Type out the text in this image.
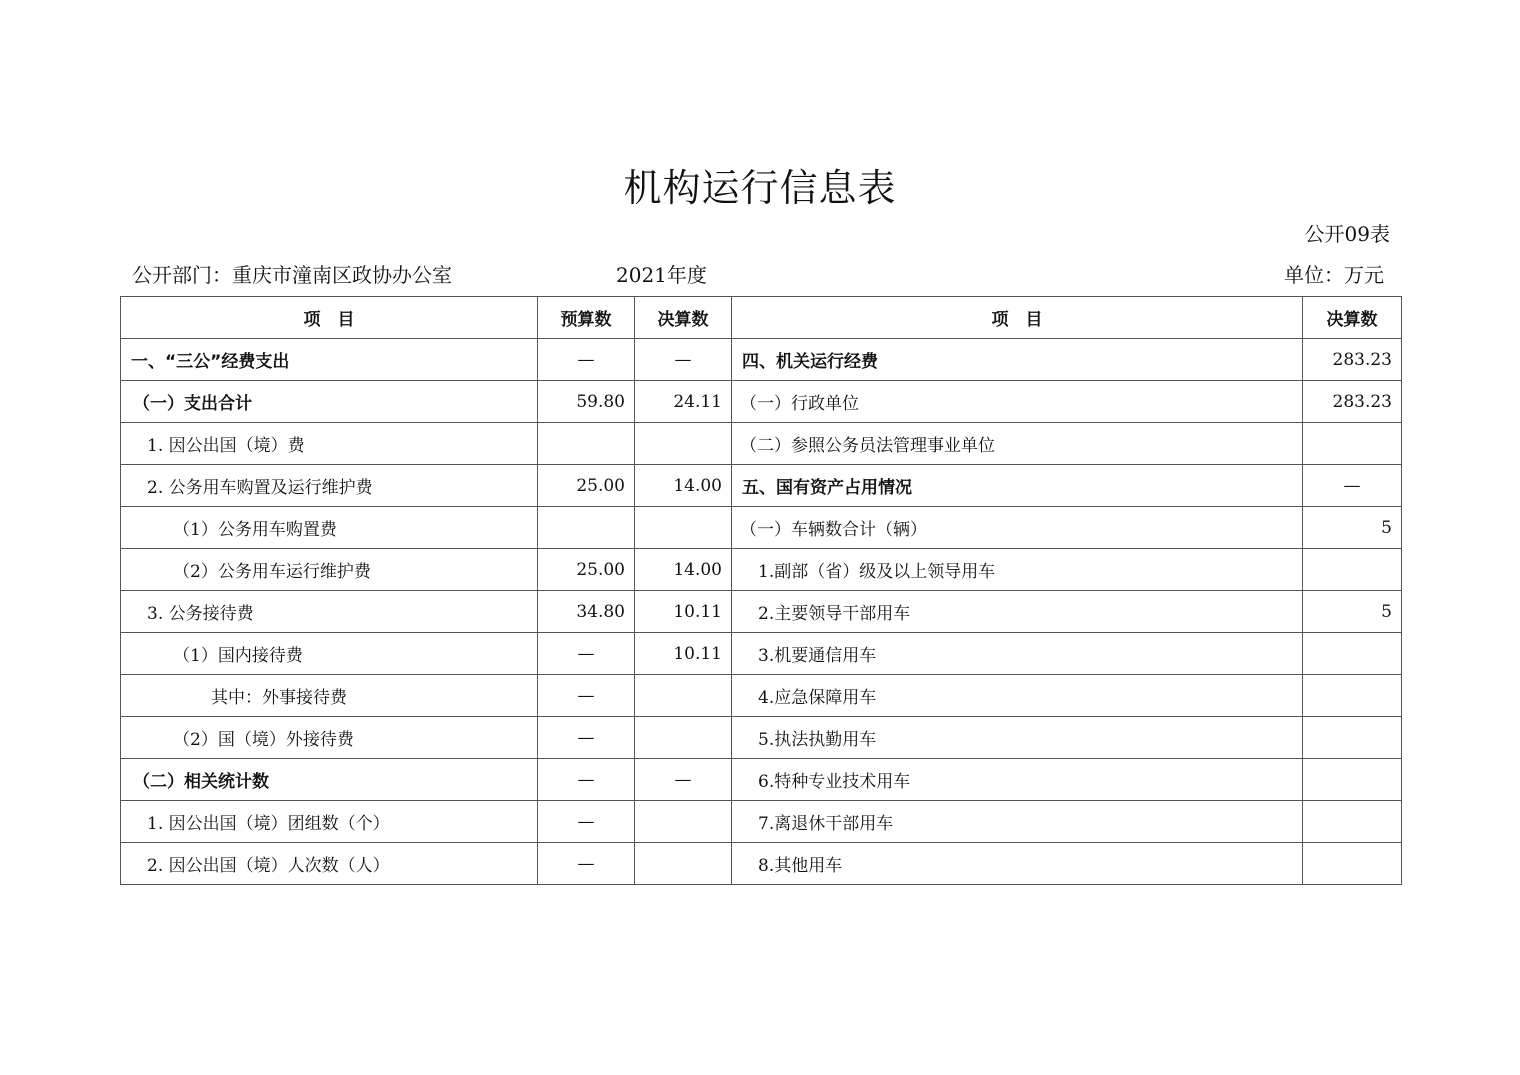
机构运行信息表
公开09表
公开部门：重庆市潼南区政协办公室	2021年度	单位：万元
项　目	预算数	决算数	项　目	决算数
一、“三公”经费支出	—	—	四、机关运行经费	283.23
（一）支出合计	59.80	24.11	（一）行政单位	283.23
1. 因公出国（境）费			（二）参照公务员法管理事业单位	
2. 公务用车购置及运行维护费	25.00	14.00	五、国有资产占用情况	—
（1）公务用车购置费			（一）车辆数合计（辆）	5
（2）公务用车运行维护费	25.00	14.00	1.副部（省）级及以上领导用车	
3. 公务接待费	34.80	10.11	2.主要领导干部用车	5
（1）国内接待费	—	10.11	3.机要通信用车	
其中：外事接待费	—		4.应急保障用车	
（2）国（境）外接待费	—		5.执法执勤用车	
（二）相关统计数	—	—	6.特种专业技术用车	
1. 因公出国（境）团组数（个）	—		7.离退休干部用车	
2. 因公出国（境）人次数（人）	—		8.其他用车	
